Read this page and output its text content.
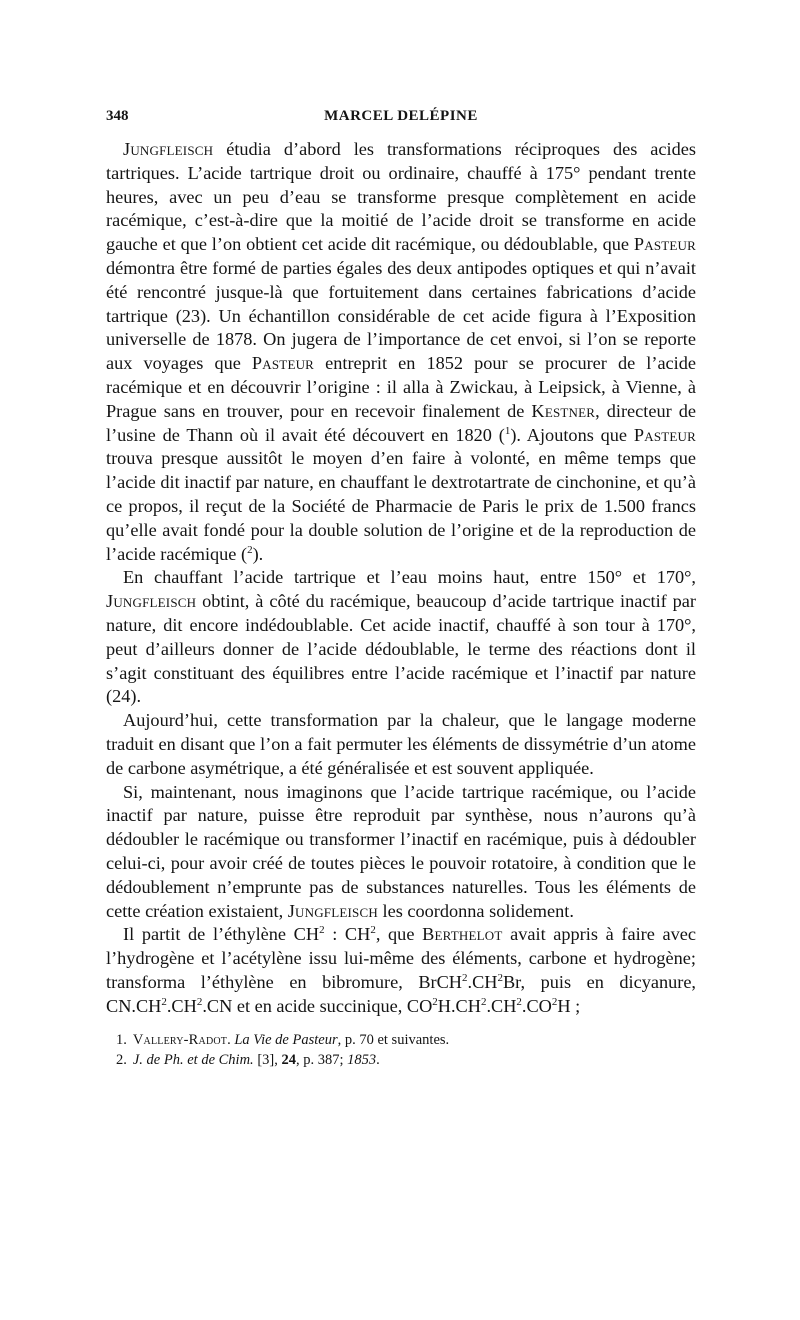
348	MARCEL DELÉPINE

Jungfleisch étudia d’abord les transformations réciproques des acides tartriques. L’acide tartrique droit ou ordinaire, chauffé à 175° pendant trente heures, avec un peu d’eau se transforme presque complètement en acide racémique, c’est-à-dire que la moitié de l’acide droit se transforme en acide gauche et que l’on obtient cet acide dit racémique, ou dédoublable, que Pasteur démontra être formé de parties égales des deux antipodes optiques et qui n’avait été rencontré jusque-là que fortuitement dans certaines fabrications d’acide tartrique (23). Un échantillon considérable de cet acide figura à l’Exposition universelle de 1878. On jugera de l’importance de cet envoi, si l’on se reporte aux voyages que Pasteur entreprit en 1852 pour se procurer de l’acide racémique et en découvrir l’origine : il alla à Zwickau, à Leipsick, à Vienne, à Prague sans en trouver, pour en recevoir finalement de Kestner, directeur de l’usine de Thann où il avait été découvert en 1820 ($^1$). Ajoutons que Pasteur trouva presque aussitôt le moyen d’en faire à volonté, en même temps que l’acide dit inactif par nature, en chauffant le dextrotartrate de cinchonine, et qu’à ce propos, il reçut de la Société de Pharmacie de Paris le prix de 1.500 francs qu’elle avait fondé pour la double solution de l’origine et de la reproduction de l’acide racémique ($^2$).

En chauffant l’acide tartrique et l’eau moins haut, entre 150° et 170°, Jungfleisch obtint, à côté du racémique, beaucoup d’acide tartrique inactif par nature, dit encore indédoublable. Cet acide inactif, chauffé à son tour à 170°, peut d’ailleurs donner de l’acide dédoublable, le terme des réactions dont il s’agit constituant des équilibres entre l’acide racémique et l’inactif par nature (24).

Aujourd’hui, cette transformation par la chaleur, que le langage moderne traduit en disant que l’on a fait permuter les éléments de dissymétrie d’un atome de carbone asymétrique, a été généralisée et est souvent appliquée.

Si, maintenant, nous imaginons que l’acide tartrique racémique, ou l’acide inactif par nature, puisse être reproduit par synthèse, nous n’aurons qu’à dédoubler le racémique ou transformer l’inactif en racémique, puis à dédoubler celui-ci, pour avoir créé de toutes pièces le pouvoir rotatoire, à condition que le dédoublement n’emprunte pas de substances naturelles. Tous les éléments de cette création existaient, Jungfleisch les coordonna solidement.

Il partit de l’éthylène $CH^2$ : $CH^2$, que Berthelot avait appris à faire avec l’hydrogène et l’acétylène issu lui-même des éléments, carbone et hydrogène; transforma l’éthylène en bibromure, $BrCH^2.CH^2Br$, puis en dicyanure, $CN.CH^2.CH^2.CN$ et en acide succinique, $CO^2H.CH^2.CH^2.CO^2H$ ;

1. Vallery-Radot. La Vie de Pasteur, p. 70 et suivantes.
2. J. de Ph. et de Chim. [3], 24, p. 387; 1853.
